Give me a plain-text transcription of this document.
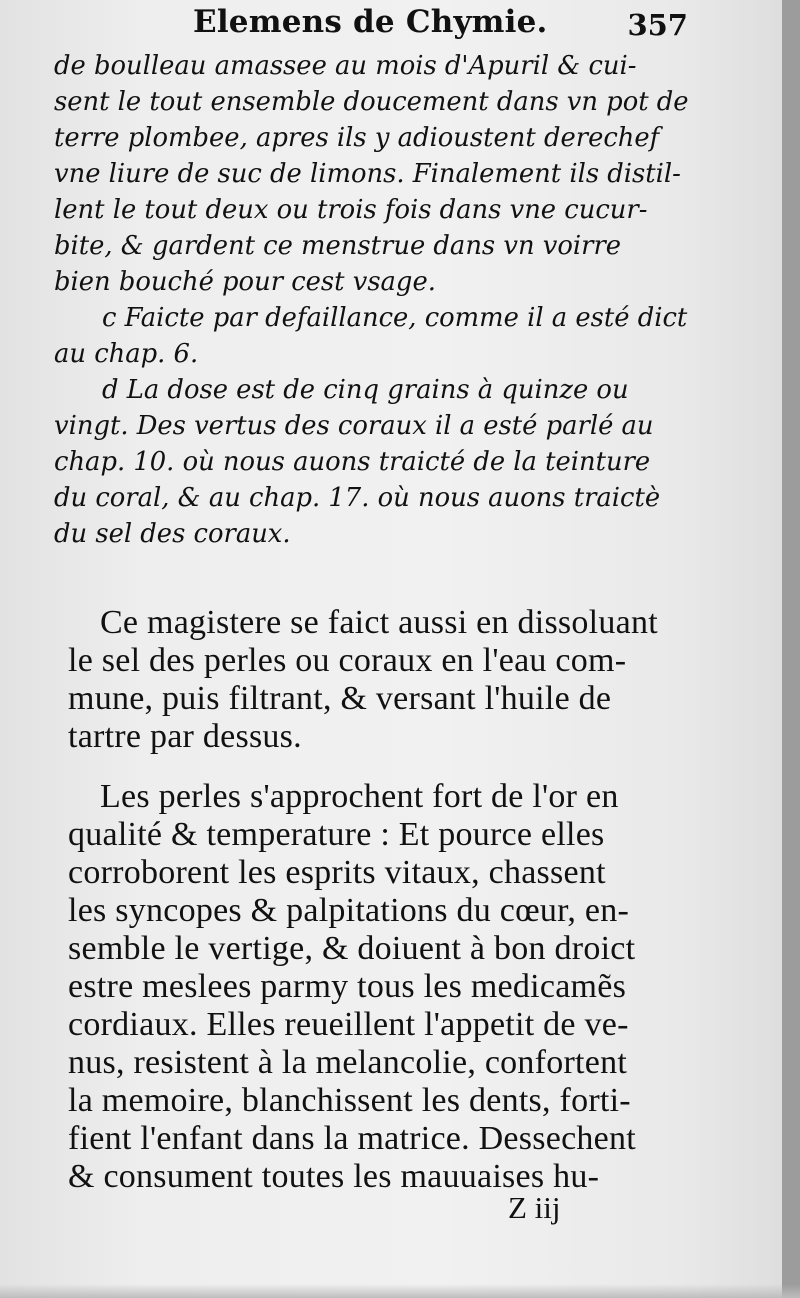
Elemens de Chymie.	357
de boulleau amassee au mois d'Apuril & cui-
sent le tout ensemble doucement dans vn pot de
terre plombee, apres ils y adioustent derechef
vne liure de suc de limons. Finalement ils distil-
lent le tout deux ou trois fois dans vne cucur-
bite, & gardent ce menstrue dans vn voirre
bien bouché pour cest vsage.
c Faicte par defaillance, comme il a esté dict
au chap. 6.
d La dose est de cinq grains à quinze ou
vingt. Des vertus des coraux il a esté parlé au
chap. 10. où nous auons traicté de la teinture
du coral, & au chap. 17. où nous auons traictè
du sel des coraux.
Ce magistere se faict aussi en dissoluant
le sel des perles ou coraux en l'eau com-
mune, puis filtrant, & versant l'huile de
tartre par dessus.
Les perles s'approchent fort de l'or en
qualité & temperature : Et pource elles
corroborent les esprits vitaux, chassent
les syncopes & palpitations du cœur, en-
semble le vertige, & doiuent à bon droict
estre meslees parmy tous les medicamẽs
cordiaux. Elles reueillent l'appetit de ve-
nus, resistent à la melancolie, confortent
la memoire, blanchissent les dents, forti-
fient l'enfant dans la matrice. Dessechent
& consument toutes les mauuaises hu-
Z iij
